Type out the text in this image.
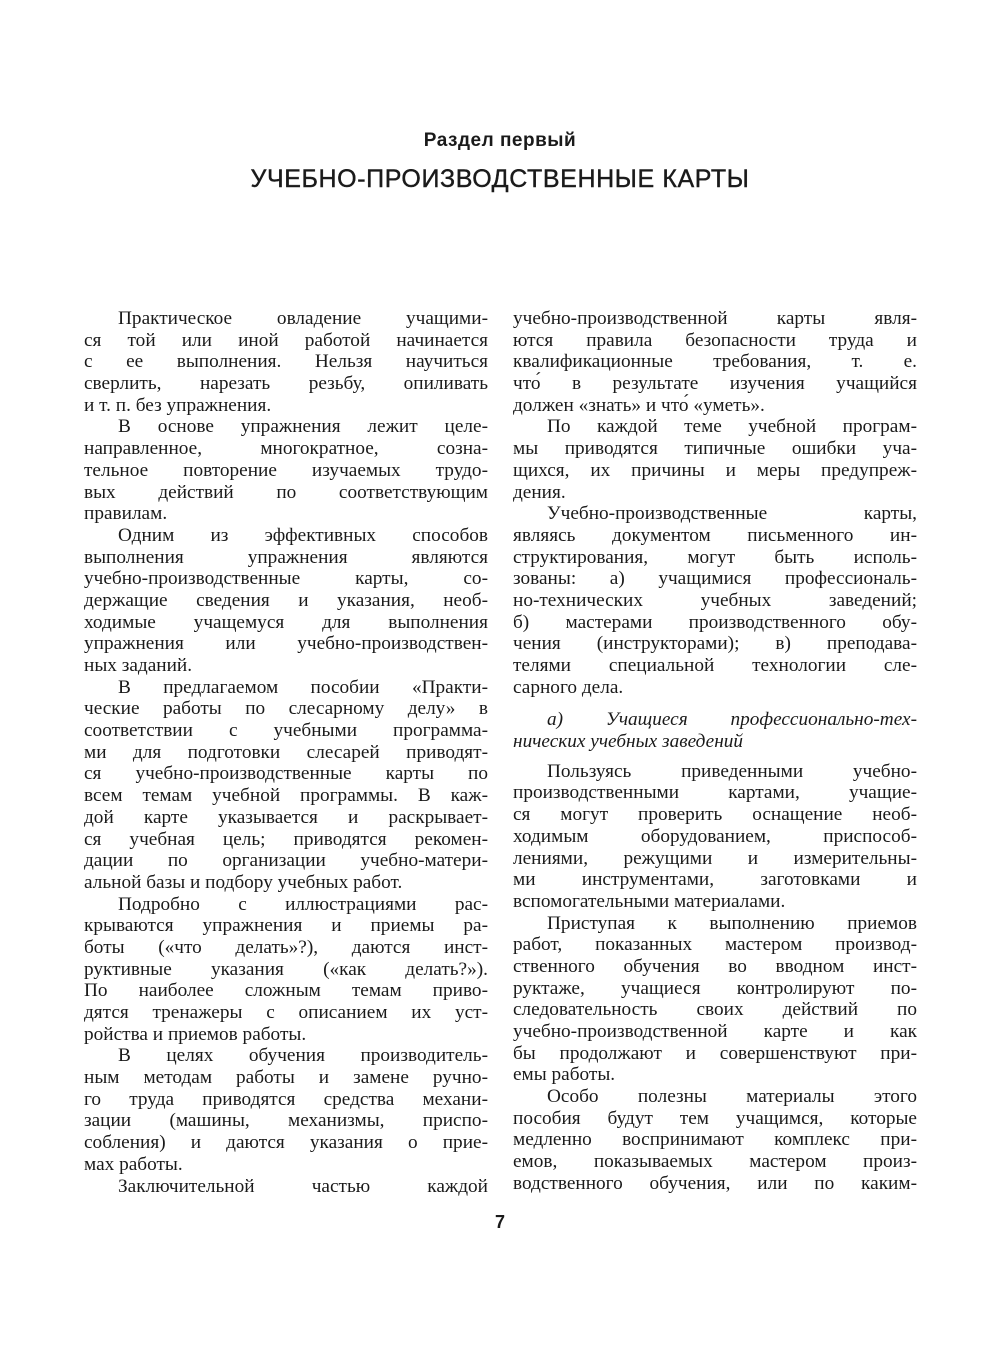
Раздел первый
УЧЕБНО-ПРОИЗВОДСТВЕННЫЕ КАРТЫ
Практическое овладение учащими-
ся той или иной работой начинается
с ее выполнения. Нельзя научиться
сверлить, нарезать резьбу, опиливать
и т. п. без упражнения.
В основе упражнения лежит целе-
направленное, многократное, созна-
тельное повторение изучаемых трудо-
вых действий по соответствующим
правилам.
Одним из эффективных способов
выполнения упражнения являются
учебно-производственные карты, со-
держащие сведения и указания, необ-
ходимые учащемуся для выполнения
упражнения или учебно-производствен-
ных заданий.
В предлагаемом пособии «Практи-
ческие работы по слесарному делу» в
соответствии с учебными программа-
ми для подготовки слесарей приводят-
ся учебно-производственные карты по
всем темам учебной программы. В каж-
дой карте указывается и раскрывает-
ся учебная цель; приводятся рекомен-
дации по организации учебно-матери-
альной базы и подбору учебных работ.
Подробно с иллюстрациями рас-
крываются упражнения и приемы ра-
боты («что делать»?), даются инст-
руктивные указания («как делать?»).
По наиболее сложным темам приво-
дятся тренажеры с описанием их уст-
ройства и приемов работы.
В целях обучения производитель-
ным методам работы и замене ручно-
го труда приводятся средства механи-
зации (машины, механизмы, приспо-
собления) и даются указания о прие-
мах работы.
Заключительной частью каждой
учебно-производственной карты явля-
ются правила безопасности труда и
квалификационные требования, т. е.
что́ в результате изучения учащийся
должен «знать» и что́ «уметь».
По каждой теме учебной програм-
мы приводятся типичные ошибки уча-
щихся, их причины и меры предупреж-
дения.
Учебно-производственные карты,
являясь документом письменного ин-
структирования, могут быть исполь-
зованы: а) учащимися профессиональ-
но-технических учебных заведений;
б) мастерами производственного обу-
чения (инструкторами); в) преподава-
телями специальной технологии сле-
сарного дела.
а) Учащиеся профессионально-тех-
нических учебных заведений
Пользуясь приведенными учебно-
производственными картами, учащие-
ся могут проверить оснащение необ-
ходимым оборудованием, приспособ-
лениями, режущими и измерительны-
ми инструментами, заготовками и
вспомогательными материалами.
Приступая к выполнению приемов
работ, показанных мастером производ-
ственного обучения во вводном инст-
руктаже, учащиеся контролируют по-
следовательность своих действий по
учебно-производственной карте и как
бы продолжают и совершенствуют при-
емы работы.
Особо полезны материалы этого
пособия будут тем учащимся, которые
медленно воспринимают комплекс при-
емов, показываемых мастером произ-
водственного обучения, или по каким-
7
